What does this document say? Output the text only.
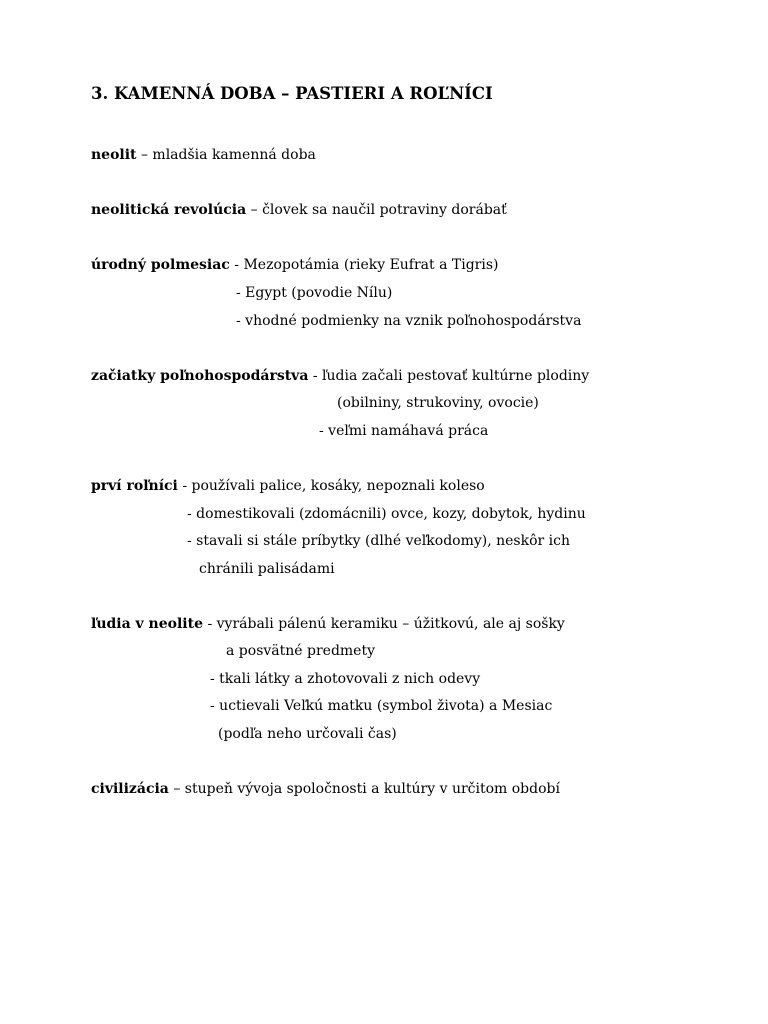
3. KAMENNÁ DOBA – PASTIERI A ROĽNÍCI
neolit – mladšia kamenná doba
neolitická revolúcia – človek sa naučil potraviny dorábať
úrodný polmesiac - Mezopotámia (rieky Eufrat a Tigris)
- Egypt (povodie Nílu)
- vhodné podmienky na vznik poľnohospodárstva
začiatky poľnohospodárstva - ľudia začali pestovať kultúrne plodiny
(obilniny, strukoviny, ovocie)
- veľmi namáhavá práca
prví roľníci - používali palice, kosáky, nepoznali koleso
- domestikovali (zdomácnili) ovce, kozy, dobytok, hydinu
- stavali si stále príbytky (dlhé veľkodomy), neskôr ich
chránili palisádami
ľudia v neolite - vyrábali pálenú keramiku – úžitkovú, ale aj sošky
a posvätné predmety
- tkali látky a zhotovovali z nich odevy
- uctievali Veľkú matku (symbol života) a Mesiac
(podľa neho určovali čas)
civilizácia – stupeň vývoja spoločnosti a kultúry v určitom období
